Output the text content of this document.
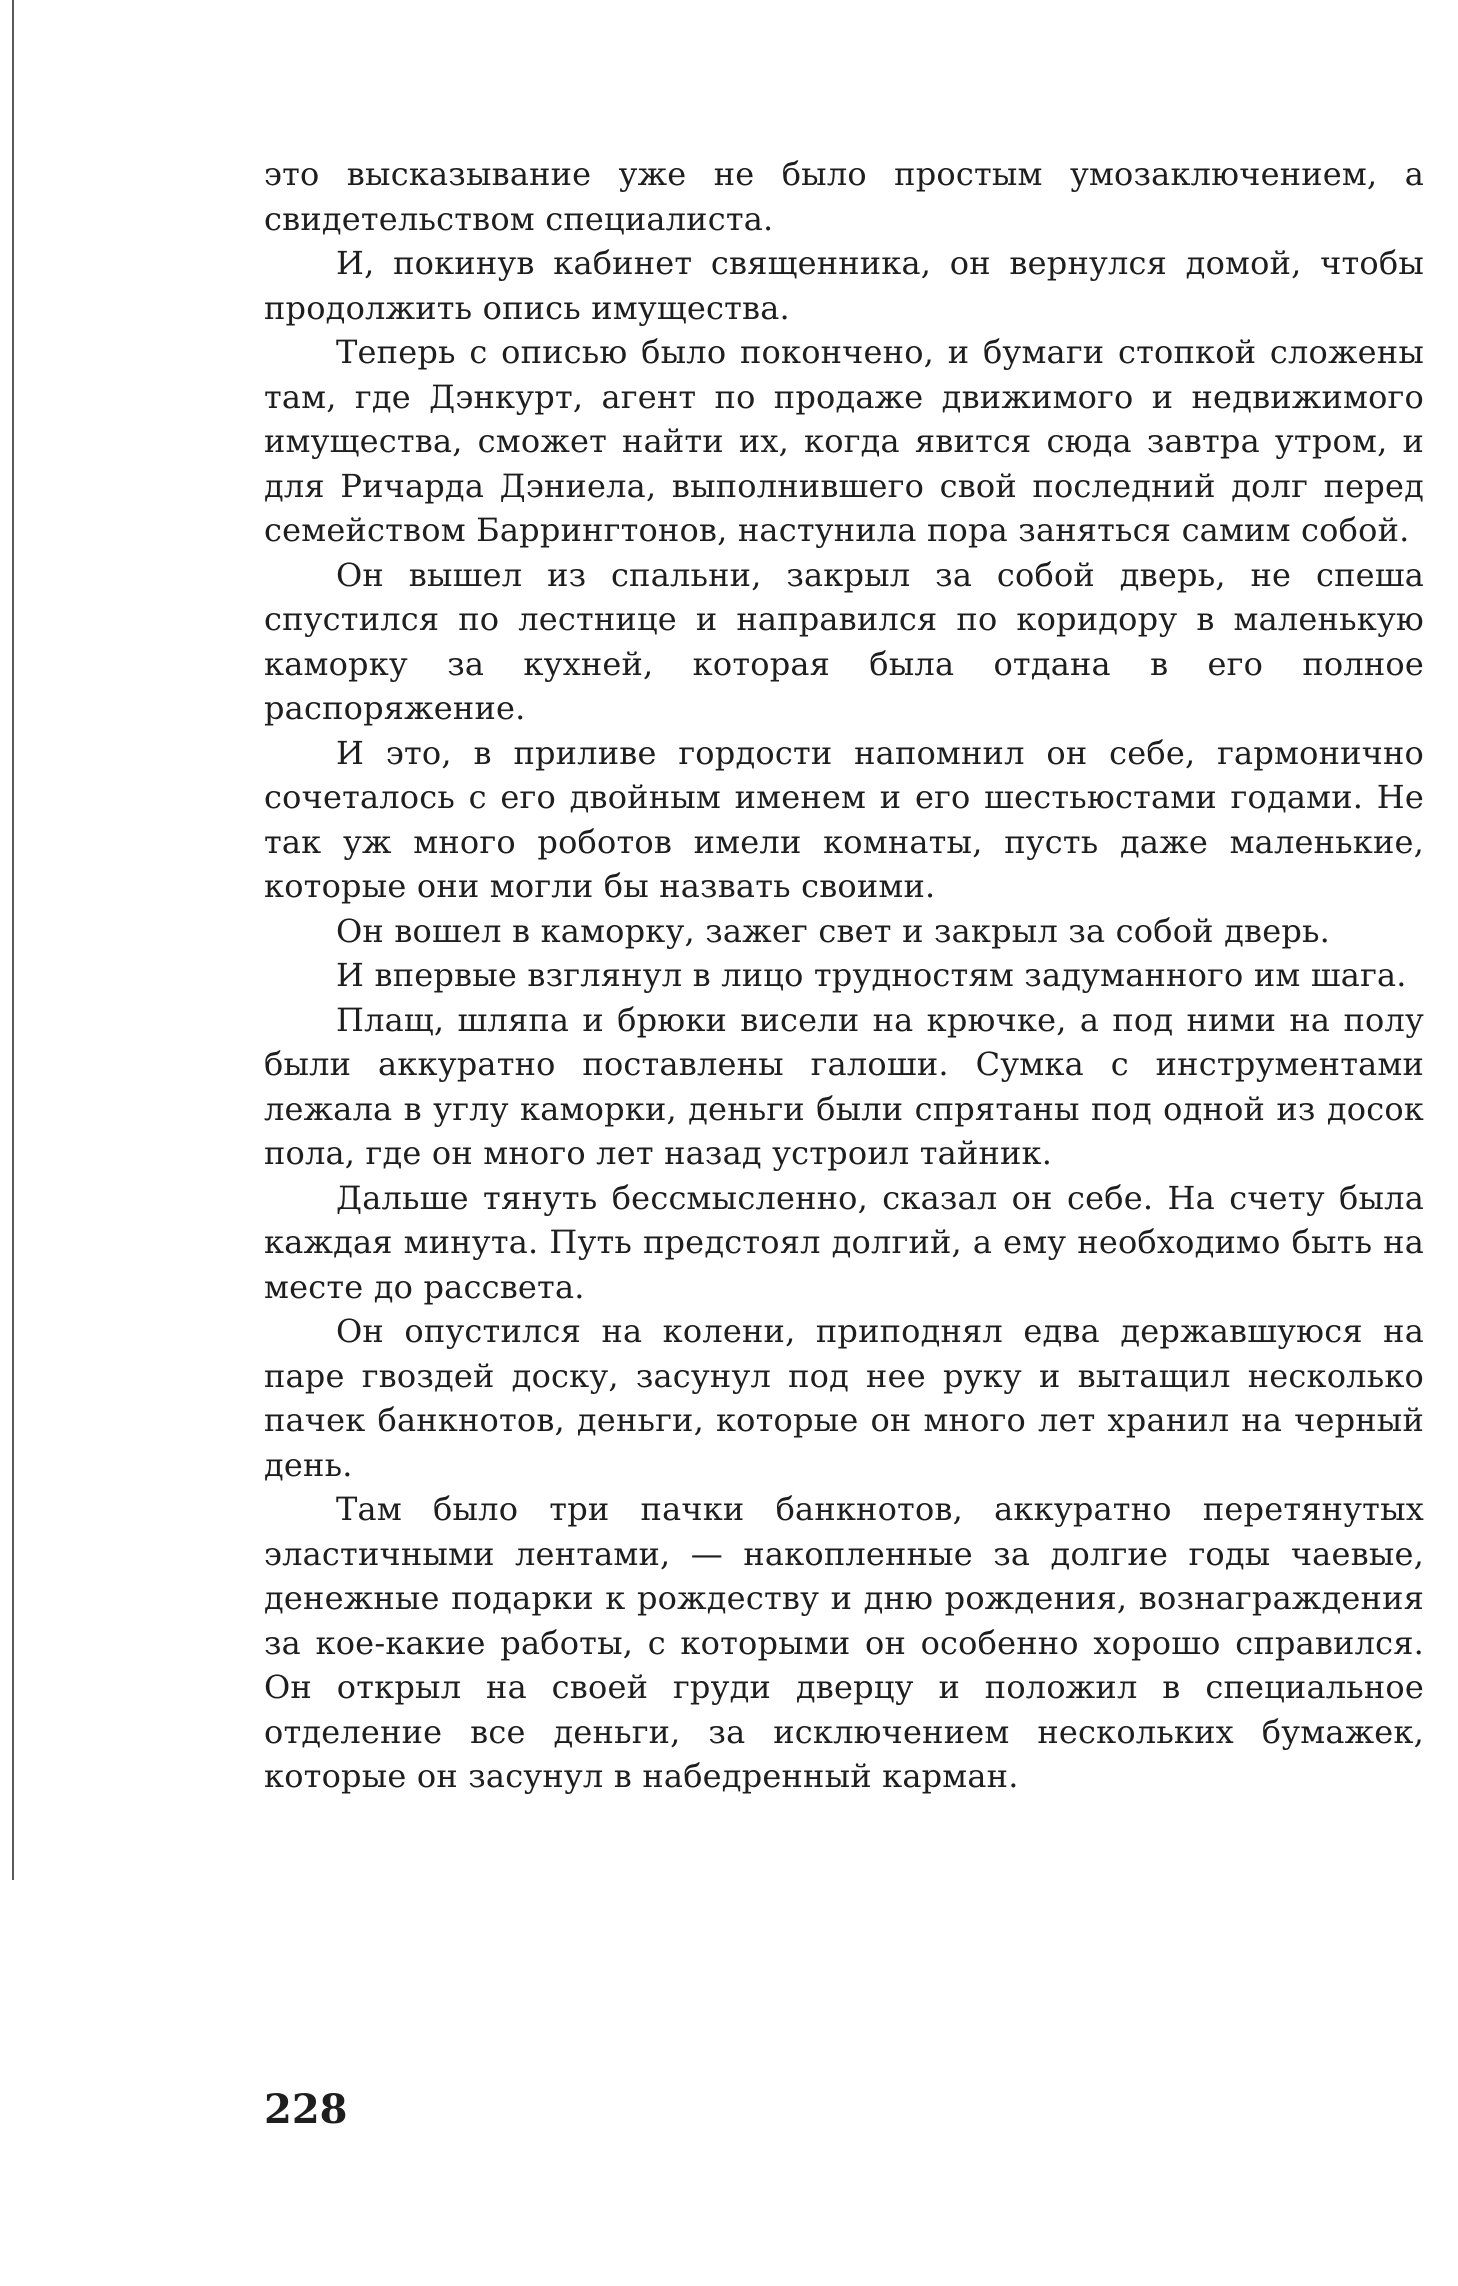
это высказывание уже не было простым умозаключением, а свидетельством специалиста.

И, покинув кабинет священника, он вернулся домой, чтобы продолжить опись имущества.

Теперь с описью было покончено, и бумаги стопкой сложены там, где Дэнкурт, агент по продаже движимого и недвижимого имущества, сможет найти их, когда явится сюда завтра утром, и для Ричарда Дэниела, выполнившего свой последний долг перед семейством Баррингтонов, настунила пора заняться самим собой.

Он вышел из спальни, закрыл за собой дверь, не спеша спустился по лестнице и направился по коридору в маленькую каморку за кухней, которая была отдана в его полное распоряжение.

И это, в приливе гордости напомнил он себе, гармонично сочеталось с его двойным именем и его шестьюстами годами. Не так уж много роботов имели комнаты, пусть даже маленькие, которые они могли бы назвать своими.

Он вошел в каморку, зажег свет и закрыл за собой дверь.

И впервые взглянул в лицо трудностям задуманного им шага.

Плащ, шляпа и брюки висели на крючке, а под ними на полу были аккуратно поставлены галоши. Сумка с инструментами лежала в углу каморки, деньги были спрятаны под одной из досок пола, где он много лет назад устроил тайник.

Дальше тянуть бессмысленно, сказал он себе. На счету была каждая минута. Путь предстоял долгий, а ему необходимо быть на месте до рассвета.

Он опустился на колени, приподнял едва державшуюся на паре гвоздей доску, засунул под нее руку и вытащил несколько пачек банкнотов, деньги, которые он много лет хранил на черный день.

Там было три пачки банкнотов, аккуратно перетянутых эластичными лентами, — накопленные за долгие годы чаевые, денежные подарки к рождеству и дню рождения, вознаграждения за кое-какие работы, с которыми он особенно хорошо справился. Он открыл на своей груди дверцу и положил в специальное отделение все деньги, за исключением нескольких бумажек, которые он засунул в набедренный карман.

228
